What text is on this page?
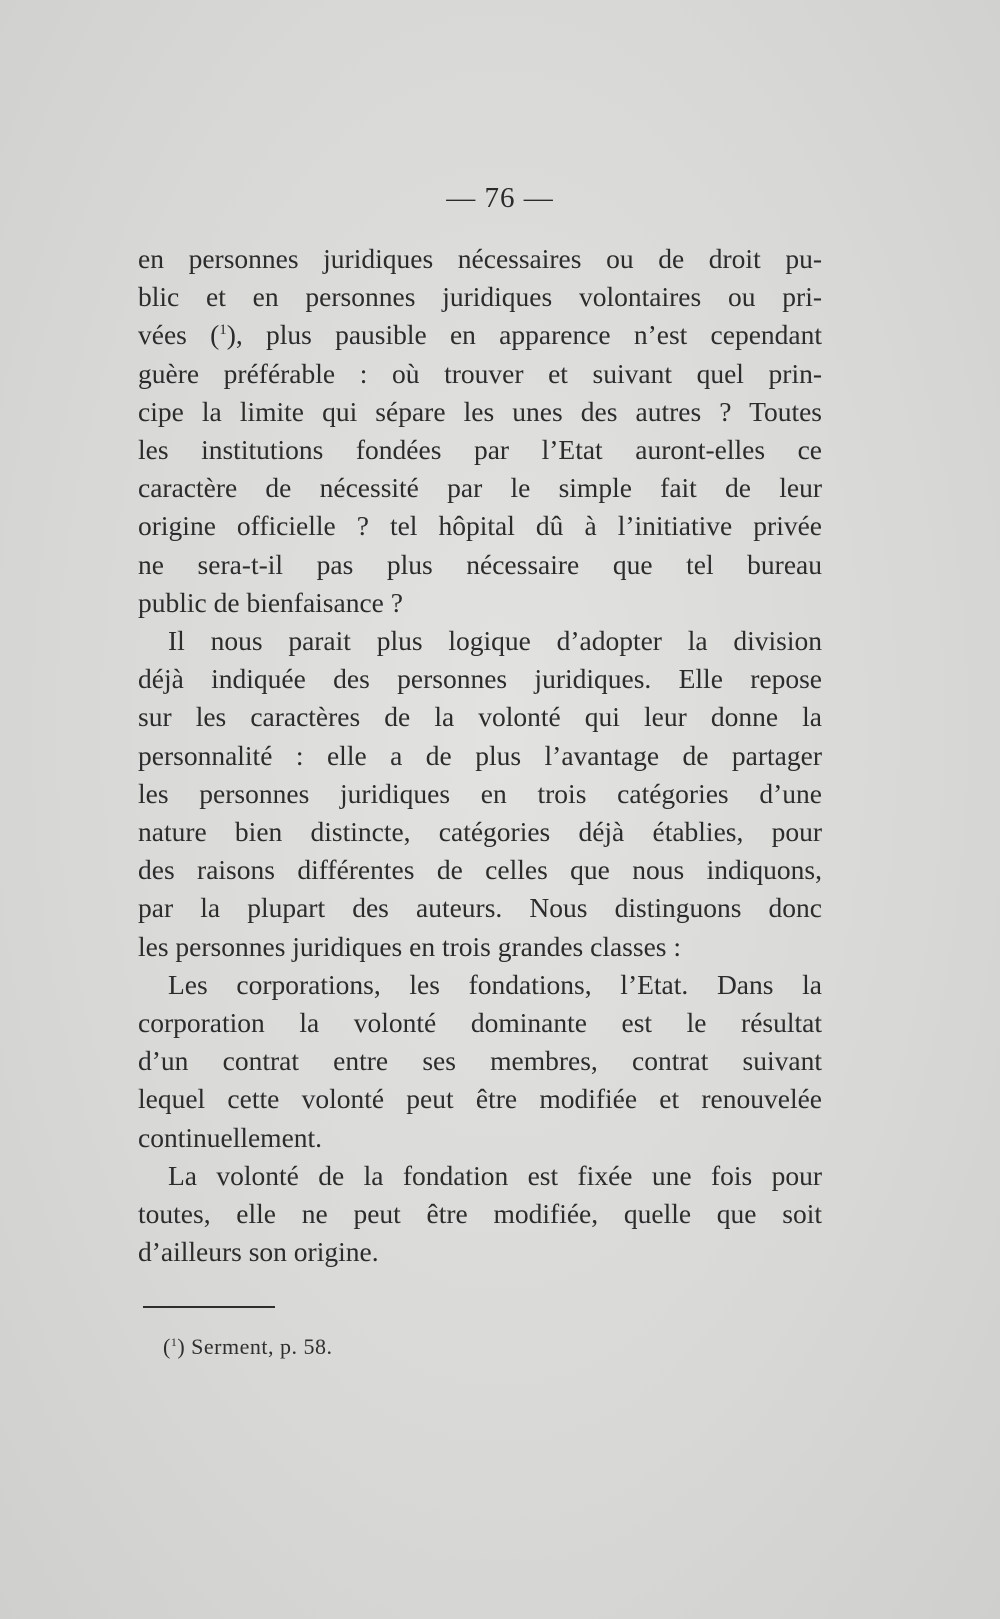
— 76 —
en personnes juridiques nécessaires ou de droit pu-
blic et en personnes juridiques volontaires ou pri-
vées ($^1$), plus pausible en apparence n’est cependant
guère préférable : où trouver et suivant quel prin-
cipe la limite qui sépare les unes des autres ? Toutes
les institutions fondées par l’Etat auront-elles ce
caractère de nécessité par le simple fait de leur
origine officielle ? tel hôpital dû à l’initiative privée
ne sera-t-il pas plus nécessaire que tel bureau
public de bienfaisance ?
Il nous parait plus logique d’adopter la division
déjà indiquée des personnes juridiques. Elle repose
sur les caractères de la volonté qui leur donne la
personnalité : elle a de plus l’avantage de partager
les personnes juridiques en trois catégories d’une
nature bien distincte, catégories déjà établies, pour
des raisons différentes de celles que nous indiquons,
par la plupart des auteurs. Nous distinguons donc
les personnes juridiques en trois grandes classes :
Les corporations, les fondations, l’Etat. Dans la
corporation la volonté dominante est le résultat
d’un contrat entre ses membres, contrat suivant
lequel cette volonté peut être modifiée et renouvelée
continuellement.
La volonté de la fondation est fixée une fois pour
toutes, elle ne peut être modifiée, quelle que soit
d’ailleurs son origine.
($^1$) Serment, p. 58.
